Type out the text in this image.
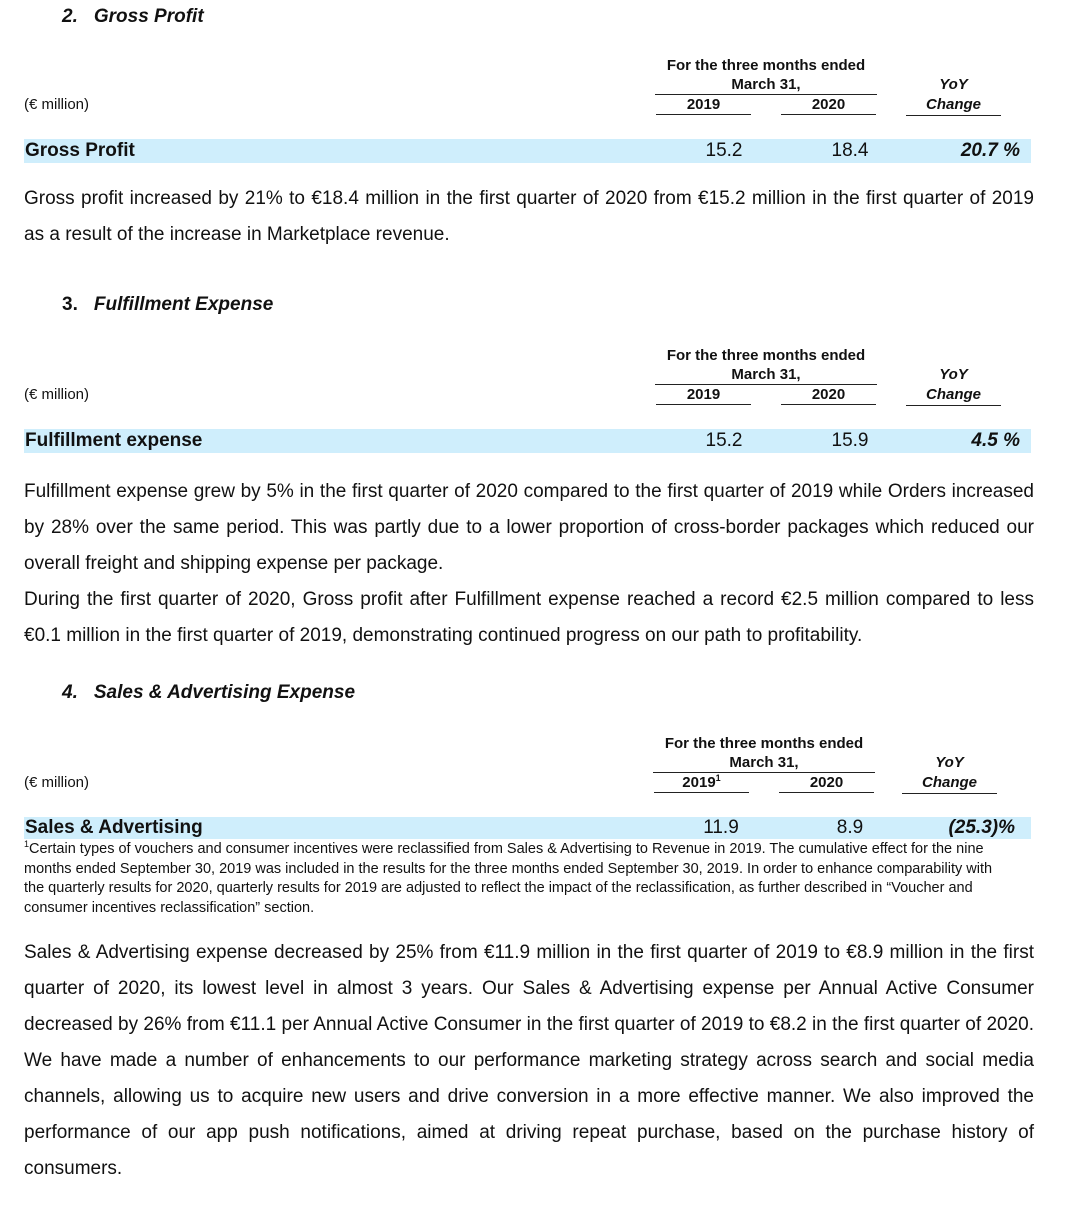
2. Gross Profit
For the three months ended March 31,
(€ million)	2019	2020
YoY
Change
Gross Profit	15.2	18.4	20.7 %

Gross profit increased by 21% to €18.4 million in the first quarter of 2020 from €15.2 million in the first quarter of 2019 as a result of the increase in Marketplace revenue.

3. Fulfillment Expense
For the three months ended March 31,
(€ million)	2019	2020
YoY
Change
Fulfillment expense	15.2	15.9	4.5 %

Fulfillment expense grew by 5% in the first quarter of 2020 compared to the first quarter of 2019 while Orders increased by 28% over the same period. This was partly due to a lower proportion of cross-border packages which reduced our overall freight and shipping expense per package.

During the first quarter of 2020, Gross profit after Fulfillment expense reached a record €2.5 million compared to less €0.1 million in the first quarter of 2019, demonstrating continued progress on our path to profitability.

4. Sales & Advertising Expense
For the three months ended March 31,
(€ million)	2019$^1$	2020
YoY
Change
Sales & Advertising	11.9	8.9	(25.3)%
$^1$Certain types of vouchers and consumer incentives were reclassified from Sales & Advertising to Revenue in 2019. The cumulative effect for the nine months ended September 30, 2019 was included in the results for the three months ended September 30, 2019. In order to enhance comparability with the quarterly results for 2020, quarterly results for 2019 are adjusted to reflect the impact of the reclassification, as further described in “Voucher and consumer incentives reclassification” section.

Sales & Advertising expense decreased by 25% from €11.9 million in the first quarter of 2019 to €8.9 million in the first quarter of 2020, its lowest level in almost 3 years. Our Sales & Advertising expense per Annual Active Consumer decreased by 26% from €11.1 per Annual Active Consumer in the first quarter of 2019 to €8.2 in the first quarter of 2020. We have made a number of enhancements to our performance marketing strategy across search and social media channels, allowing us to acquire new users and drive conversion in a more effective manner. We also improved the performance of our app push notifications, aimed at driving repeat purchase, based on the purchase history of consumers.
